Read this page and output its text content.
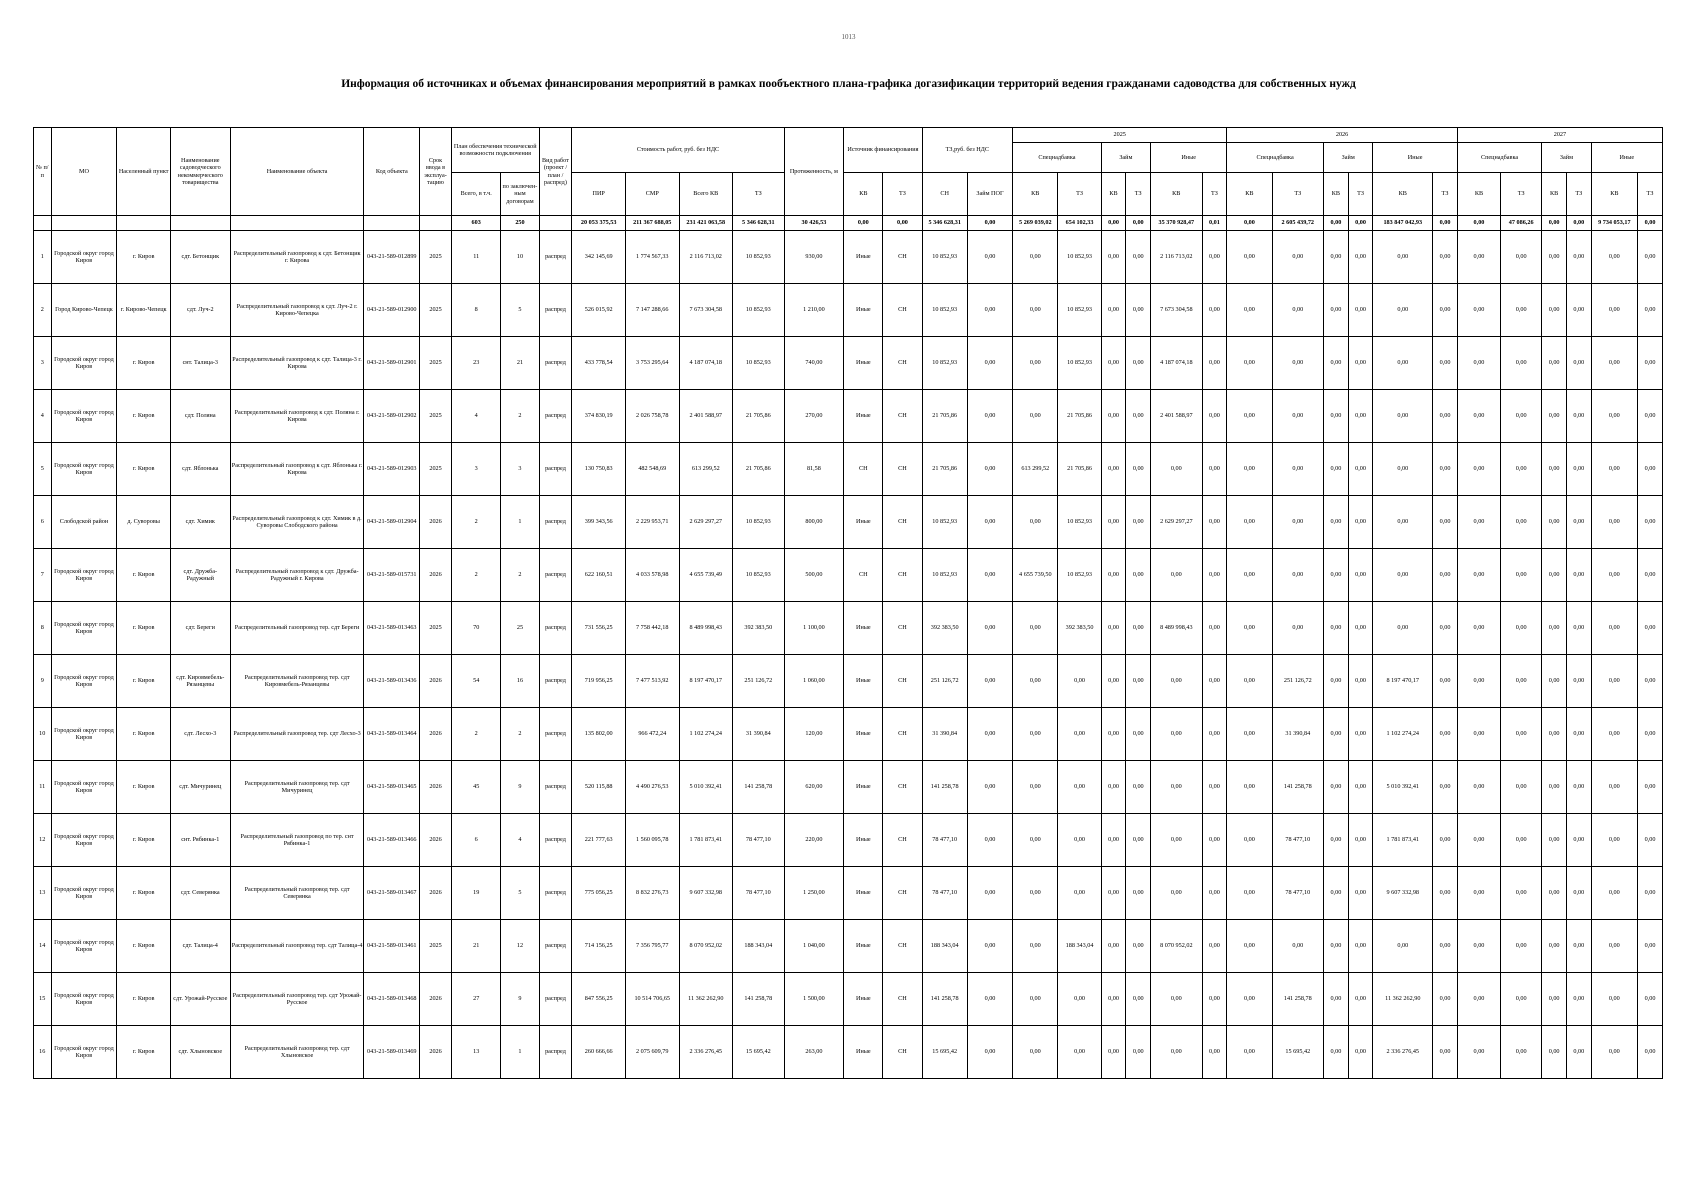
1013
Информация об источниках и объемах финансирования мероприятий в рамках пообъектного плана-графика догазификации территорий ведения гражданами садоводства для собственных нужд
№ п/п	МО	Населенный пункт	Наименование садоводческого некоммерческого товарищества	Наименование объекта	Код объекта	Срок ввода в эксплуа-тацию	План обеспечения технической возможности подключения		Вид работ (проект /план / распред)	Стоимость работ, руб. без НДС				Протяженность, м	Источник финансирования		ТЗ,руб. без НДС		2025						2026						2027					
																			Спецнадбавка		Займ		Иные		Спецнадбавка		Займ		Иные		Спецнадбавка		Займ		Иные	
							Всего, в т.ч.	по заключен-ным договорам		ПИР	СМР	Всего КВ	ТЗ		КВ	ТЗ	СН	Займ ПОГ	КВ	ТЗ	КВ	ТЗ	КВ	ТЗ	КВ	ТЗ	КВ	ТЗ	КВ	ТЗ	КВ	ТЗ	КВ	ТЗ	КВ	ТЗ
							603	250		20 053 375,53	211 367 688,05	231 421 063,58	5 346 628,31	30 426,53	0,00	0,00	5 346 628,31	0,00	5 269 039,02	654 102,33	0,00	0,00	35 370 928,47	0,01	0,00	2 605 439,72	0,00	0,00	183 847 042,93	0,00	0,00	47 086,26	0,00	0,00	9 734 053,17	0,00
1	Городской округ город Киров	г. Киров	сдт. Бетонщик	Распределительный газопровод к сдт. Бетонщик г. Кирова	043-21-589-012899	2025	11	10	распред	342 145,69	1 774 567,33	2 116 713,02	10 852,93	930,00	Иные	СН	10 852,93	0,00	0,00	10 852,93	0,00	0,00	2 116 713,02	0,00	0,00	0,00	0,00	0,00	0,00	0,00	0,00	0,00	0,00	0,00	0,00	0,00
2	Город Кирово-Чепецк	г. Кирово-Чепецк	сдт. Луч-2	Распределительный газопровод к сдт. Луч-2 г. Кирово-Чепецка	043-21-589-012900	2025	8	5	распред	526 015,92	7 147 288,66	7 673 304,58	10 852,93	1 210,00	Иные	СН	10 852,93	0,00	0,00	10 852,93	0,00	0,00	7 673 304,58	0,00	0,00	0,00	0,00	0,00	0,00	0,00	0,00	0,00	0,00	0,00	0,00	0,00
3	Городской округ город Киров	г. Киров	снт. Талица-3	Распределительный газопровод к сдт. Талица-3 г. Кирова	043-21-589-012901	2025	23	21	распред	433 778,54	3 753 295,64	4 187 074,18	10 852,93	740,00	Иные	СН	10 852,93	0,00	0,00	10 852,93	0,00	0,00	4 187 074,18	0,00	0,00	0,00	0,00	0,00	0,00	0,00	0,00	0,00	0,00	0,00	0,00	0,00
4	Городской округ город Киров	г. Киров	сдт. Поляна	Распределительный газопровод к сдт. Поляна г. Кирова	043-21-589-012902	2025	4	2	распред	374 830,19	2 026 758,78	2 401 588,97	21 705,86	270,00	Иные	СН	21 705,86	0,00	0,00	21 705,86	0,00	0,00	2 401 588,97	0,00	0,00	0,00	0,00	0,00	0,00	0,00	0,00	0,00	0,00	0,00	0,00	0,00
5	Городской округ город Киров	г. Киров	сдт. Яблонька	Распределительный газопровод к сдт. Яблонька г. Кирова	043-21-589-012903	2025	3	3	распред	130 750,83	482 548,69	613 299,52	21 705,86	81,58	СН	СН	21 705,86	0,00	613 299,52	21 705,86	0,00	0,00	0,00	0,00	0,00	0,00	0,00	0,00	0,00	0,00	0,00	0,00	0,00	0,00	0,00	0,00
6	Слободской район	д. Суворовы	сдт. Химик	Распределительный газопровод к сдт. Химик в д. Суворовы Слободского района	043-21-589-012904	2026	2	1	распред	399 343,56	2 229 953,71	2 629 297,27	10 852,93	800,00	Иные	СН	10 852,93	0,00	0,00	10 852,93	0,00	0,00	2 629 297,27	0,00	0,00	0,00	0,00	0,00	0,00	0,00	0,00	0,00	0,00	0,00	0,00	0,00
7	Городской округ город Киров	г. Киров	сдт. Дружба-Радужный	Распределительный газопровод к сдт. Дружба-Радужный г. Кирова	043-21-589-015731	2026	2	2	распред	622 160,51	4 033 578,98	4 655 739,49	10 852,93	500,00	СН	СН	10 852,93	0,00	4 655 739,50	10 852,93	0,00	0,00	0,00	0,00	0,00	0,00	0,00	0,00	0,00	0,00	0,00	0,00	0,00	0,00	0,00	0,00
8	Городской округ город Киров	г. Киров	сдт. Береги	Распределительный газопровод тер. сдт Береги	043-21-589-013463	2025	70	25	распред	731 556,25	7 758 442,18	8 489 998,43	392 383,50	1 100,00	Иные	СН	392 383,50	0,00	0,00	392 383,50	0,00	0,00	8 489 998,43	0,00	0,00	0,00	0,00	0,00	0,00	0,00	0,00	0,00	0,00	0,00	0,00	0,00
9	Городской округ город Киров	г. Киров	сдт. Кировмебель-Рязанцевы	Распределительный газопровод тер. сдт Кировмебель-Рязанцевы	043-21-589-013436	2026	54	16	распред	719 956,25	7 477 513,92	8 197 470,17	251 126,72	1 060,00	Иные	СН	251 126,72	0,00	0,00	0,00	0,00	0,00	0,00	0,00	0,00	251 126,72	0,00	0,00	8 197 470,17	0,00	0,00	0,00	0,00	0,00	0,00	0,00
10	Городской округ город Киров	г. Киров	сдт. Лесхо-3	Распределительный газопровод тер. сдт Лесхо-3	043-21-589-013464	2026	2	2	распред	135 802,00	966 472,24	1 102 274,24	31 390,84	120,00	Иные	СН	31 390,84	0,00	0,00	0,00	0,00	0,00	0,00	0,00	0,00	31 390,84	0,00	0,00	1 102 274,24	0,00	0,00	0,00	0,00	0,00	0,00	0,00
11	Городской округ город Киров	г. Киров	сдт. Мичуринец	Распределительный газопровод тер. сдт Мичуринец	043-21-589-013465	2026	45	9	распред	520 115,88	4 490 276,53	5 010 392,41	141 258,78	620,00	Иные	СН	141 258,78	0,00	0,00	0,00	0,00	0,00	0,00	0,00	0,00	141 258,78	0,00	0,00	5 010 392,41	0,00	0,00	0,00	0,00	0,00	0,00	0,00
12	Городской округ город Киров	г. Киров	снт. Рябинка-1	Распределительный газопровод по тер. снт Рябинка-1	043-21-589-013466	2026	6	4	распред	221 777,63	1 560 095,78	1 781 873,41	78 477,10	220,00	Иные	СН	78 477,10	0,00	0,00	0,00	0,00	0,00	0,00	0,00	0,00	78 477,10	0,00	0,00	1 781 873,41	0,00	0,00	0,00	0,00	0,00	0,00	0,00
13	Городской округ город Киров	г. Киров	сдт. Северянка	Распределительный газопровод тер. сдт Северянка	043-21-589-013467	2026	19	5	распред	775 056,25	8 832 276,73	9 607 332,98	78 477,10	1 250,00	Иные	СН	78 477,10	0,00	0,00	0,00	0,00	0,00	0,00	0,00	0,00	78 477,10	0,00	0,00	9 607 332,98	0,00	0,00	0,00	0,00	0,00	0,00	0,00
14	Городской округ город Киров	г. Киров	сдт. Талица-4	Распределительный газопровод тер. сдт Талица-4	043-21-589-013461	2025	21	12	распред	714 156,25	7 356 795,77	8 070 952,02	188 343,04	1 040,00	Иные	СН	188 343,04	0,00	0,00	188 343,04	0,00	0,00	8 070 952,02	0,00	0,00	0,00	0,00	0,00	0,00	0,00	0,00	0,00	0,00	0,00	0,00	0,00
15	Городской округ город Киров	г. Киров	сдт. Урожай-Русское	Распределительный газопровод тер. сдт Урожай-Русское	043-21-589-013468	2026	27	9	распред	847 556,25	10 514 706,65	11 362 262,90	141 258,78	1 500,00	Иные	СН	141 258,78	0,00	0,00	0,00	0,00	0,00	0,00	0,00	0,00	141 258,78	0,00	0,00	11 362 262,90	0,00	0,00	0,00	0,00	0,00	0,00	0,00
16	Городской округ город Киров	г. Киров	сдт. Хлыновское	Распределительный газопровод тер. сдт Хлыновское	043-21-589-013469	2026	13	1	распред	260 666,66	2 075 609,79	2 336 276,45	15 695,42	263,00	Иные	СН	15 695,42	0,00	0,00	0,00	0,00	0,00	0,00	0,00	0,00	15 695,42	0,00	0,00	2 336 276,45	0,00	0,00	0,00	0,00	0,00	0,00	0,00
